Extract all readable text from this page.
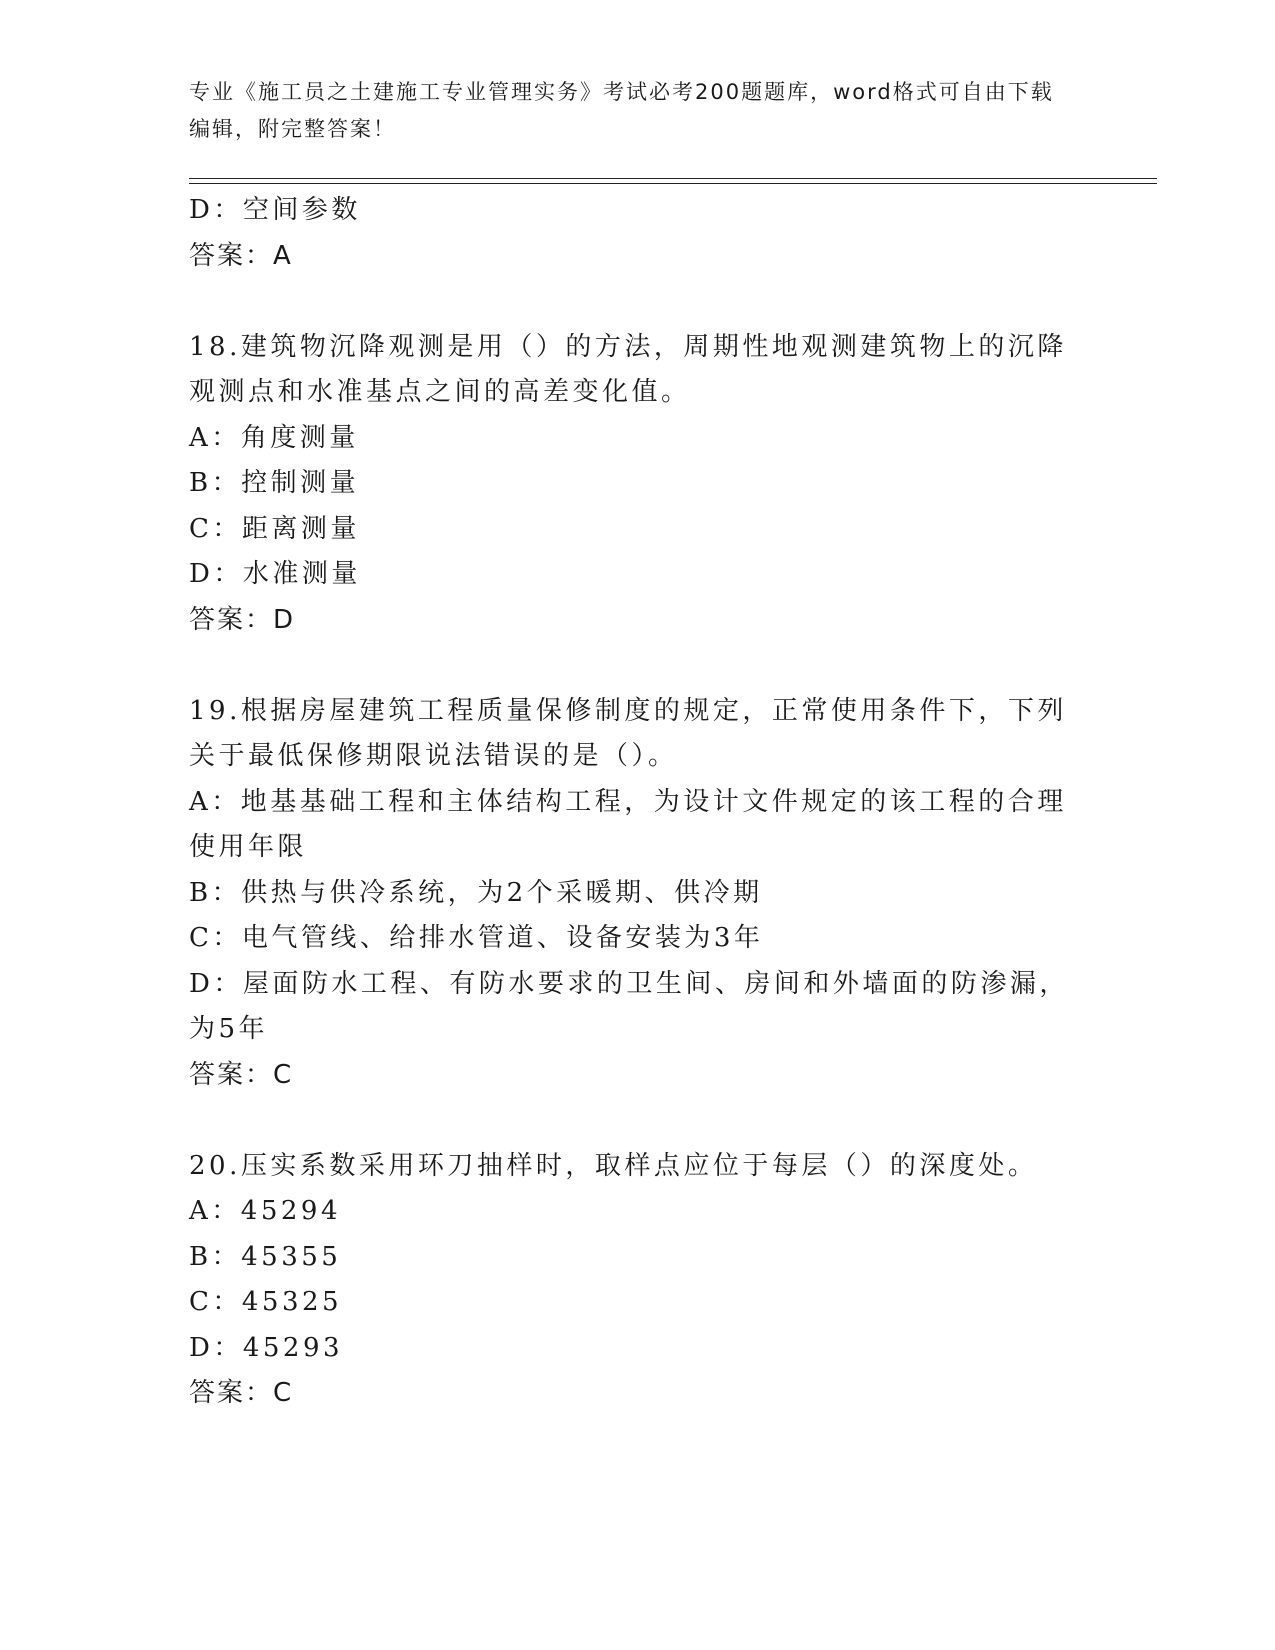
专业《施工员之土建施工专业管理实务》考试必考200题题库，word格式可自由下载编辑，附完整答案！
D：空间参数
答案：A
18.建筑物沉降观测是用（）的方法，周期性地观测建筑物上的沉降观测点和水准基点之间的高差变化值。
A：角度测量
B：控制测量
C：距离测量
D：水准测量
答案：D
19.根据房屋建筑工程质量保修制度的规定，正常使用条件下，下列关于最低保修期限说法错误的是（）。
A：地基基础工程和主体结构工程，为设计文件规定的该工程的合理使用年限
B：供热与供冷系统，为2个采暖期、供冷期
C：电气管线、给排水管道、设备安装为3年
D：屋面防水工程、有防水要求的卫生间、房间和外墙面的防渗漏，为5年
答案：C
20.压实系数采用环刀抽样时，取样点应位于每层（）的深度处。
A：45294
B：45355
C：45325
D：45293
答案：C
